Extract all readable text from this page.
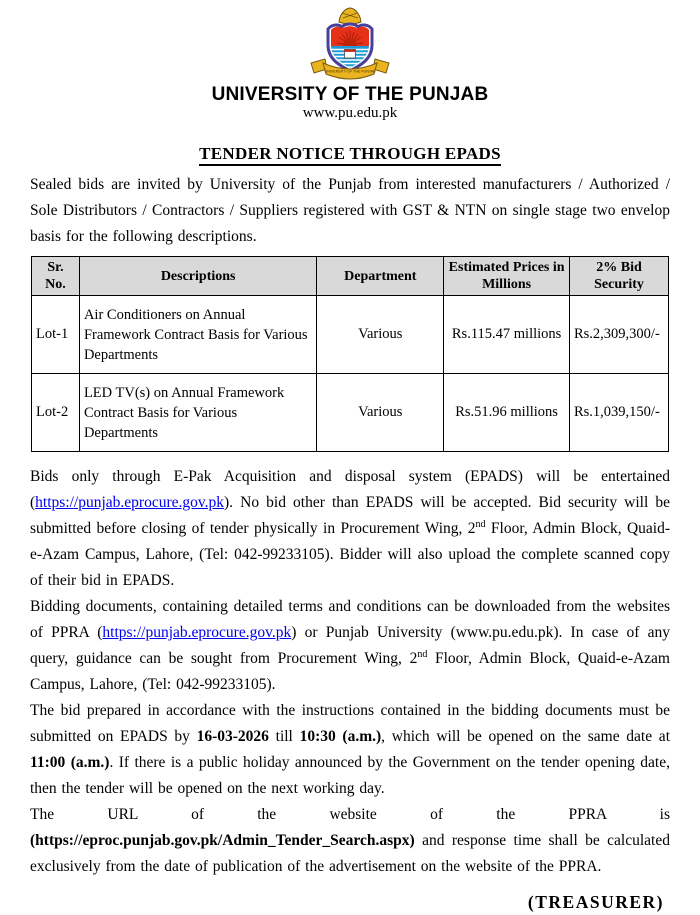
UNIVERSITY OF THE PUNJAB
UNIVERSITY OF THE PUNJAB
www.pu.edu.pk
TENDER NOTICE THROUGH EPADS

Sealed bids are invited by University of the Punjab from interested manufacturers / Authorized / Sole Distributors / Contractors / Suppliers registered with GST & NTN on single stage two envelop basis for the following descriptions.

Sr. No.	Descriptions	Department	Estimated Prices in Millions	2% Bid Security
Lot-1	Air Conditioners on Annual Framework Contract Basis for Various Departments	Various	Rs.115.47 millions	Rs.2,309,300/-
Lot-2	LED TV(s) on Annual Framework Contract Basis for Various Departments	Various	Rs.51.96 millions	Rs.1,039,150/-

Bids only through E-Pak Acquisition and disposal system (EPADS) will be entertained (https://punjab.eprocure.gov.pk). No bid other than EPADS will be accepted. Bid security will be submitted before closing of tender physically in Procurement Wing, 2nd Floor, Admin Block, Quaid-e-Azam Campus, Lahore, (Tel: 042-99233105). Bidder will also upload the complete scanned copy of their bid in EPADS.

Bidding documents, containing detailed terms and conditions can be downloaded from the websites of PPRA (https://punjab.eprocure.gov.pk) or Punjab University (www.pu.edu.pk). In case of any query, guidance can be sought from Procurement Wing, 2nd Floor, Admin Block, Quaid-e-Azam Campus, Lahore, (Tel: 042-99233105).

The bid prepared in accordance with the instructions contained in the bidding documents must be submitted on EPADS by 16-03-2026 till 10:30 (a.m.), which will be opened on the same date at 11:00 (a.m.). If there is a public holiday announced by the Government on the tender opening date, then the tender will be opened on the next working day.

The URL of the website of the PPRA is (https://eproc.punjab.gov.pk/Admin_Tender_Search.aspx) and response time shall be calculated exclusively from the date of publication of the advertisement on the website of the PPRA.

(TREASURER)
